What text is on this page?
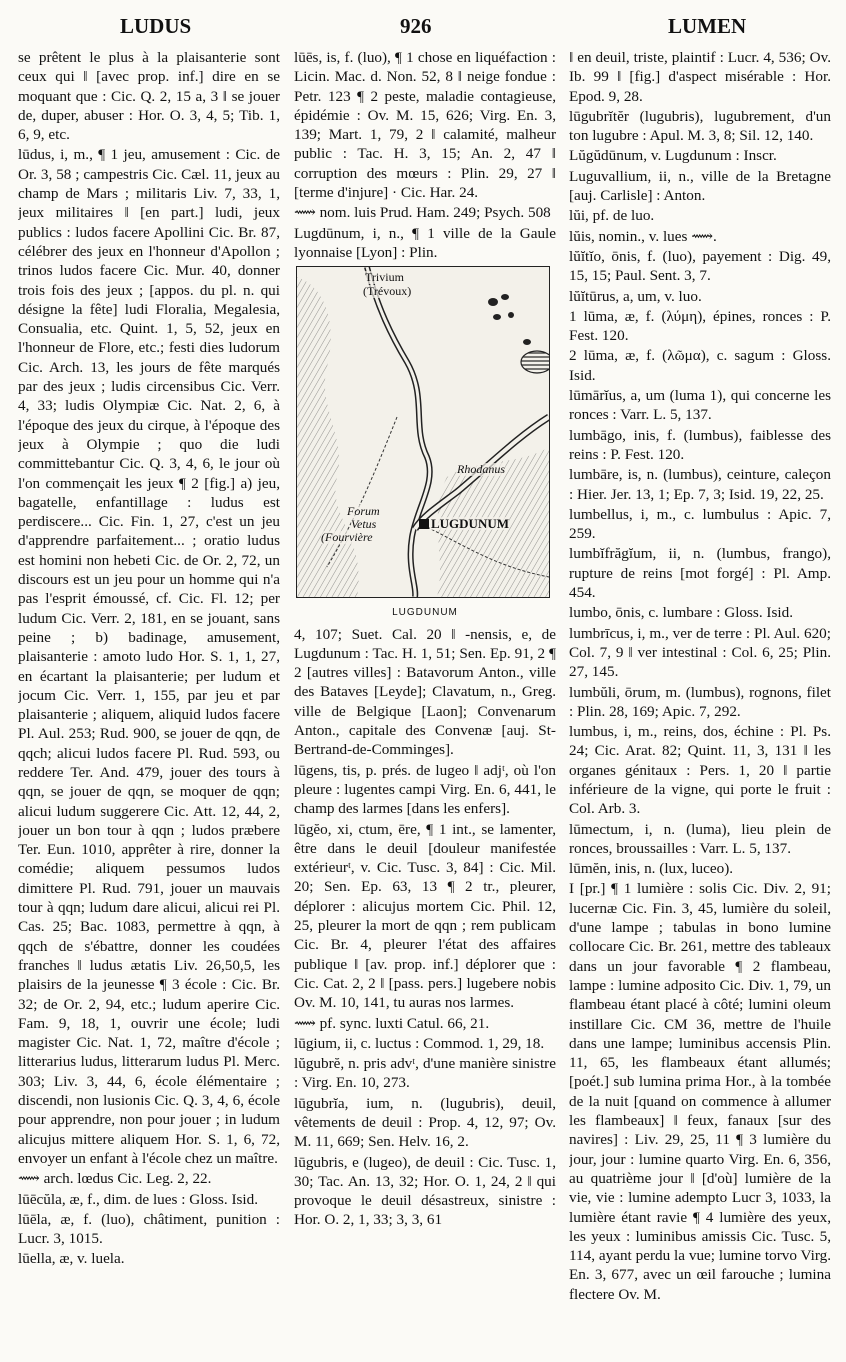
LUDUS	926	LUMEN

se prêtent le plus à la plaisanterie sont ceux qui ‖ [avec prop. inf.] dire en se moquant que : Cic. Q. 2, 15 a, 3 ‖ se jouer de, duper, abuser : Hor. O. 3, 4, 5; Tib. 1, 6, 9, etc.

lūdus, i, m., ¶ 1 jeu, amusement : Cic. de Or. 3, 58 ; campestris Cic. Cæl. 11, jeux au champ de Mars ; militaris Liv. 7, 33, 1, jeux militaires ‖ [en part.] ludi, jeux publics : ludos facere Apollini Cic. Br. 87, célébrer des jeux en l'honneur d'Apollon ; trinos ludos facere Cic. Mur. 40, donner trois fois des jeux ; [appos. du pl. n. qui désigne la fête] ludi Floralia, Megalesia, Consualia, etc. Quint. 1, 5, 52, jeux en l'honneur de Flore, etc.; festi dies ludorum Cic. Arch. 13, les jours de fête marqués par des jeux ; ludis circensibus Cic. Verr. 4, 33; ludis Olympiæ Cic. Nat. 2, 6, à l'époque des jeux du cirque, à l'époque des jeux à Olympie ; quo die ludi committebantur Cic. Q. 3, 4, 6, le jour où l'on commençait les jeux ¶ 2 [fig.] a) jeu, bagatelle, enfantillage : ludus est perdiscere... Cic. Fin. 1, 27, c'est un jeu d'apprendre parfaitement... ; oratio ludus est homini non hebeti Cic. de Or. 2, 72, un discours est un jeu pour un homme qui n'a pas l'esprit émoussé, cf. Cic. Fl. 12; per ludum Cic. Verr. 2, 181, en se jouant, sans peine ; b) badinage, amusement, plaisanterie : amoto ludo Hor. S. 1, 1, 27, en écartant la plaisanterie; per ludum et jocum Cic. Verr. 1, 155, par jeu et par plaisanterie ; aliquem, aliquid ludos facere Pl. Aul. 253; Rud. 900, se jouer de qqn, de qqch; alicui ludos facere Pl. Rud. 593, ou reddere Ter. And. 479, jouer des tours à qqn, se jouer de qqn, se moquer de qqn; alicui ludum suggerere Cic. Att. 12, 44, 2, jouer un bon tour à qqn ; ludos præbere Ter. Eun. 1010, apprêter à rire, donner la comédie; aliquem pessumos ludos dimittere Pl. Rud. 791, jouer un mauvais tour à qqn; ludum dare alicui, alicui rei Pl. Cas. 25; Bac. 1083, permettre à qqn, à qqch de s'ébattre, donner les coudées franches ‖ ludus ætatis Liv. 26,50,5, les plaisirs de la jeunesse ¶ 3 école : Cic. Br. 32; de Or. 2, 94, etc.; ludum aperire Cic. Fam. 9, 18, 1, ouvrir une école; ludi magister Cic. Nat. 1, 72, maître d'école ; litterarius ludus, litterarum ludus Pl. Merc. 303; Liv. 3, 44, 6, école élémentaire ; discendi, non lusionis Cic. Q. 3, 4, 6, école pour apprendre, non pour jouer ; in ludum alicujus mittere aliquem Hor. S. 1, 6, 72, envoyer un enfant à l'école chez un maître.

⟿ arch. lœdus Cic. Leg. 2, 22.

lūēcŭla, æ, f., dim. de lues : Gloss. Isid.

lūēla, æ, f. (luo), châtiment, punition : Lucr. 3, 1015.

lūella, æ, v. luela.

lūēs, is, f. (luo), ¶ 1 chose en liquéfaction : Licin. Mac. d. Non. 52, 8 ‖ neige fondue : Petr. 123 ¶ 2 peste, maladie contagieuse, épidémie : Ov. M. 15, 626; Virg. En. 3, 139; Mart. 1, 79, 2 ‖ calamité, malheur public : Tac. H. 3, 15; An. 2, 47 ‖ corruption des mœurs : Plin. 29, 27 ‖ [terme d'injure] · Cic. Har. 24.

⟿ nom. luis Prud. Ham. 249; Psych. 508

Lugdūnum, i, n., ¶ 1 ville de la Gaule lyonnaise [Lyon] : Plin.

Trivium
(Trévoux)
Rhodanus
Forum
Vetus
(Fourvière
LUGDUNUM
LUGDUNUM

4, 107; Suet. Cal. 20 ‖ -nensis, e, de Lugdunum : Tac. H. 1, 51; Sen. Ep. 91, 2 ¶ 2 [autres villes] : Batavorum Anton., ville des Bataves [Leyde]; Clavatum, n., Greg. ville de Belgique [Laon]; Convenarum Anton., capitale des Convenæ [auj. St-Bertrand-de-Comminges].

lūgens, tis, p. prés. de lugeo ‖ adjᵗ, où l'on pleure : lugentes campi Virg. En. 6, 441, le champ des larmes [dans les enfers].

lūgĕo, xi, ctum, ēre, ¶ 1 int., se lamenter, être dans le deuil [douleur manifestée extérieurᵗ, v. Cic. Tusc. 3, 84] : Cic. Mil. 20; Sen. Ep. 63, 13 ¶ 2 tr., pleurer, déplorer : alicujus mortem Cic. Phil. 12, 25, pleurer la mort de qqn ; rem publicam Cic. Br. 4, pleurer l'état des affaires publique ‖ [av. prop. inf.] déplorer que : Cic. Cat. 2, 2 ‖ [pass. pers.] lugebere nobis Ov. M. 10, 141, tu auras nos larmes.

⟿ pf. sync. luxti Catul. 66, 21.

lūgium, ii, c. luctus : Commod. 1, 29, 18.

lŭgubrĕ, n. pris advᵗ, d'une manière sinistre : Virg. En. 10, 273.

lūgubrĭa, ium, n. (lugubris), deuil, vêtements de deuil : Prop. 4, 12, 97; Ov. M. 11, 669; Sen. Helv. 16, 2.

lūgubris, e (lugeo), de deuil : Cic. Tusc. 1, 30; Tac. An. 13, 32; Hor. O. 1, 24, 2 ‖ qui provoque le deuil désastreux, sinistre : Hor. O. 2, 1, 33; 3, 3, 61

‖ en deuil, triste, plaintif : Lucr. 4, 536; Ov. Ib. 99 ‖ [fig.] d'aspect misérable : Hor. Epod. 9, 28.

lūgubrĭtĕr (lugubris), lugubrement, d'un ton lugubre : Apul. M. 3, 8; Sil. 12, 140.

Lŭgŭdūnum, v. Lugdunum : Inscr.

Luguvallium, ii, n., ville de la Bretagne [auj. Carlisle] : Anton.

lŭi, pf. de luo.

lŭis, nomin., v. lues ⟿.

lŭĭtĭo, ōnis, f. (luo), payement : Dig. 49, 15, 15; Paul. Sent. 3, 7.

lŭĭtūrus, a, um, v. luo.

1 lūma, æ, f. (λύμη), épines, ronces : P. Fest. 120.

2 lūma, æ, f. (λῶμα), c. sagum : Gloss. Isid.

lūmārĭus, a, um (luma 1), qui concerne les ronces : Varr. L. 5, 137.

lumbāgo, inis, f. (lumbus), faiblesse des reins : P. Fest. 120.

lumbāre, is, n. (lumbus), ceinture, caleçon : Hier. Jer. 13, 1; Ep. 7, 3; Isid. 19, 22, 25.

lumbellus, i, m., c. lumbulus : Apic. 7, 259.

lumbĭfrăgĭum, ii, n. (lumbus, frango), rupture de reins [mot forgé] : Pl. Amp. 454.

lumbo, ōnis, c. lumbare : Gloss. Isid.

lumbrīcus, i, m., ver de terre : Pl. Aul. 620; Col. 7, 9 ‖ ver intestinal : Col. 6, 25; Plin. 27, 145.

lumbŭli, ōrum, m. (lumbus), rognons, filet : Plin. 28, 169; Apic. 7, 292.

lumbus, i, m., reins, dos, échine : Pl. Ps. 24; Cic. Arat. 82; Quint. 11, 3, 131 ‖ les organes génitaux : Pers. 1, 20 ‖ partie inférieure de la vigne, qui porte le fruit : Col. Arb. 3.

lūmectum, i, n. (luma), lieu plein de ronces, broussailles : Varr. L. 5, 137.

lūmĕn, inis, n. (lux, luceo).

I [pr.] ¶ 1 lumière : solis Cic. Div. 2, 91; lucernæ Cic. Fin. 3, 45, lumière du soleil, d'une lampe ; tabulas in bono lumine collocare Cic. Br. 261, mettre des tableaux dans un jour favorable ¶ 2 flambeau, lampe : lumine adposito Cic. Div. 1, 79, un flambeau étant placé à côté; lumini oleum instillare Cic. CM 36, mettre de l'huile dans une lampe; luminibus accensis Plin. 11, 65, les flambeaux étant allumés; [poét.] sub lumina prima Hor., à la tombée de la nuit [quand on commence à allumer les flambeaux] ‖ feux, fanaux [sur des navires] : Liv. 29, 25, 11 ¶ 3 lumière du jour, jour : lumine quarto Virg. En. 6, 356, au quatrième jour ‖ [d'où] lumière de la vie, vie : lumine adempto Lucr 3, 1033, la lumière étant ravie ¶ 4 lumière des yeux, les yeux : luminibus amissis Cic. Tusc. 5, 114, ayant perdu la vue; lumine torvo Virg. En. 3, 677, avec un œil farouche ; lumina flectere Ov. M.
